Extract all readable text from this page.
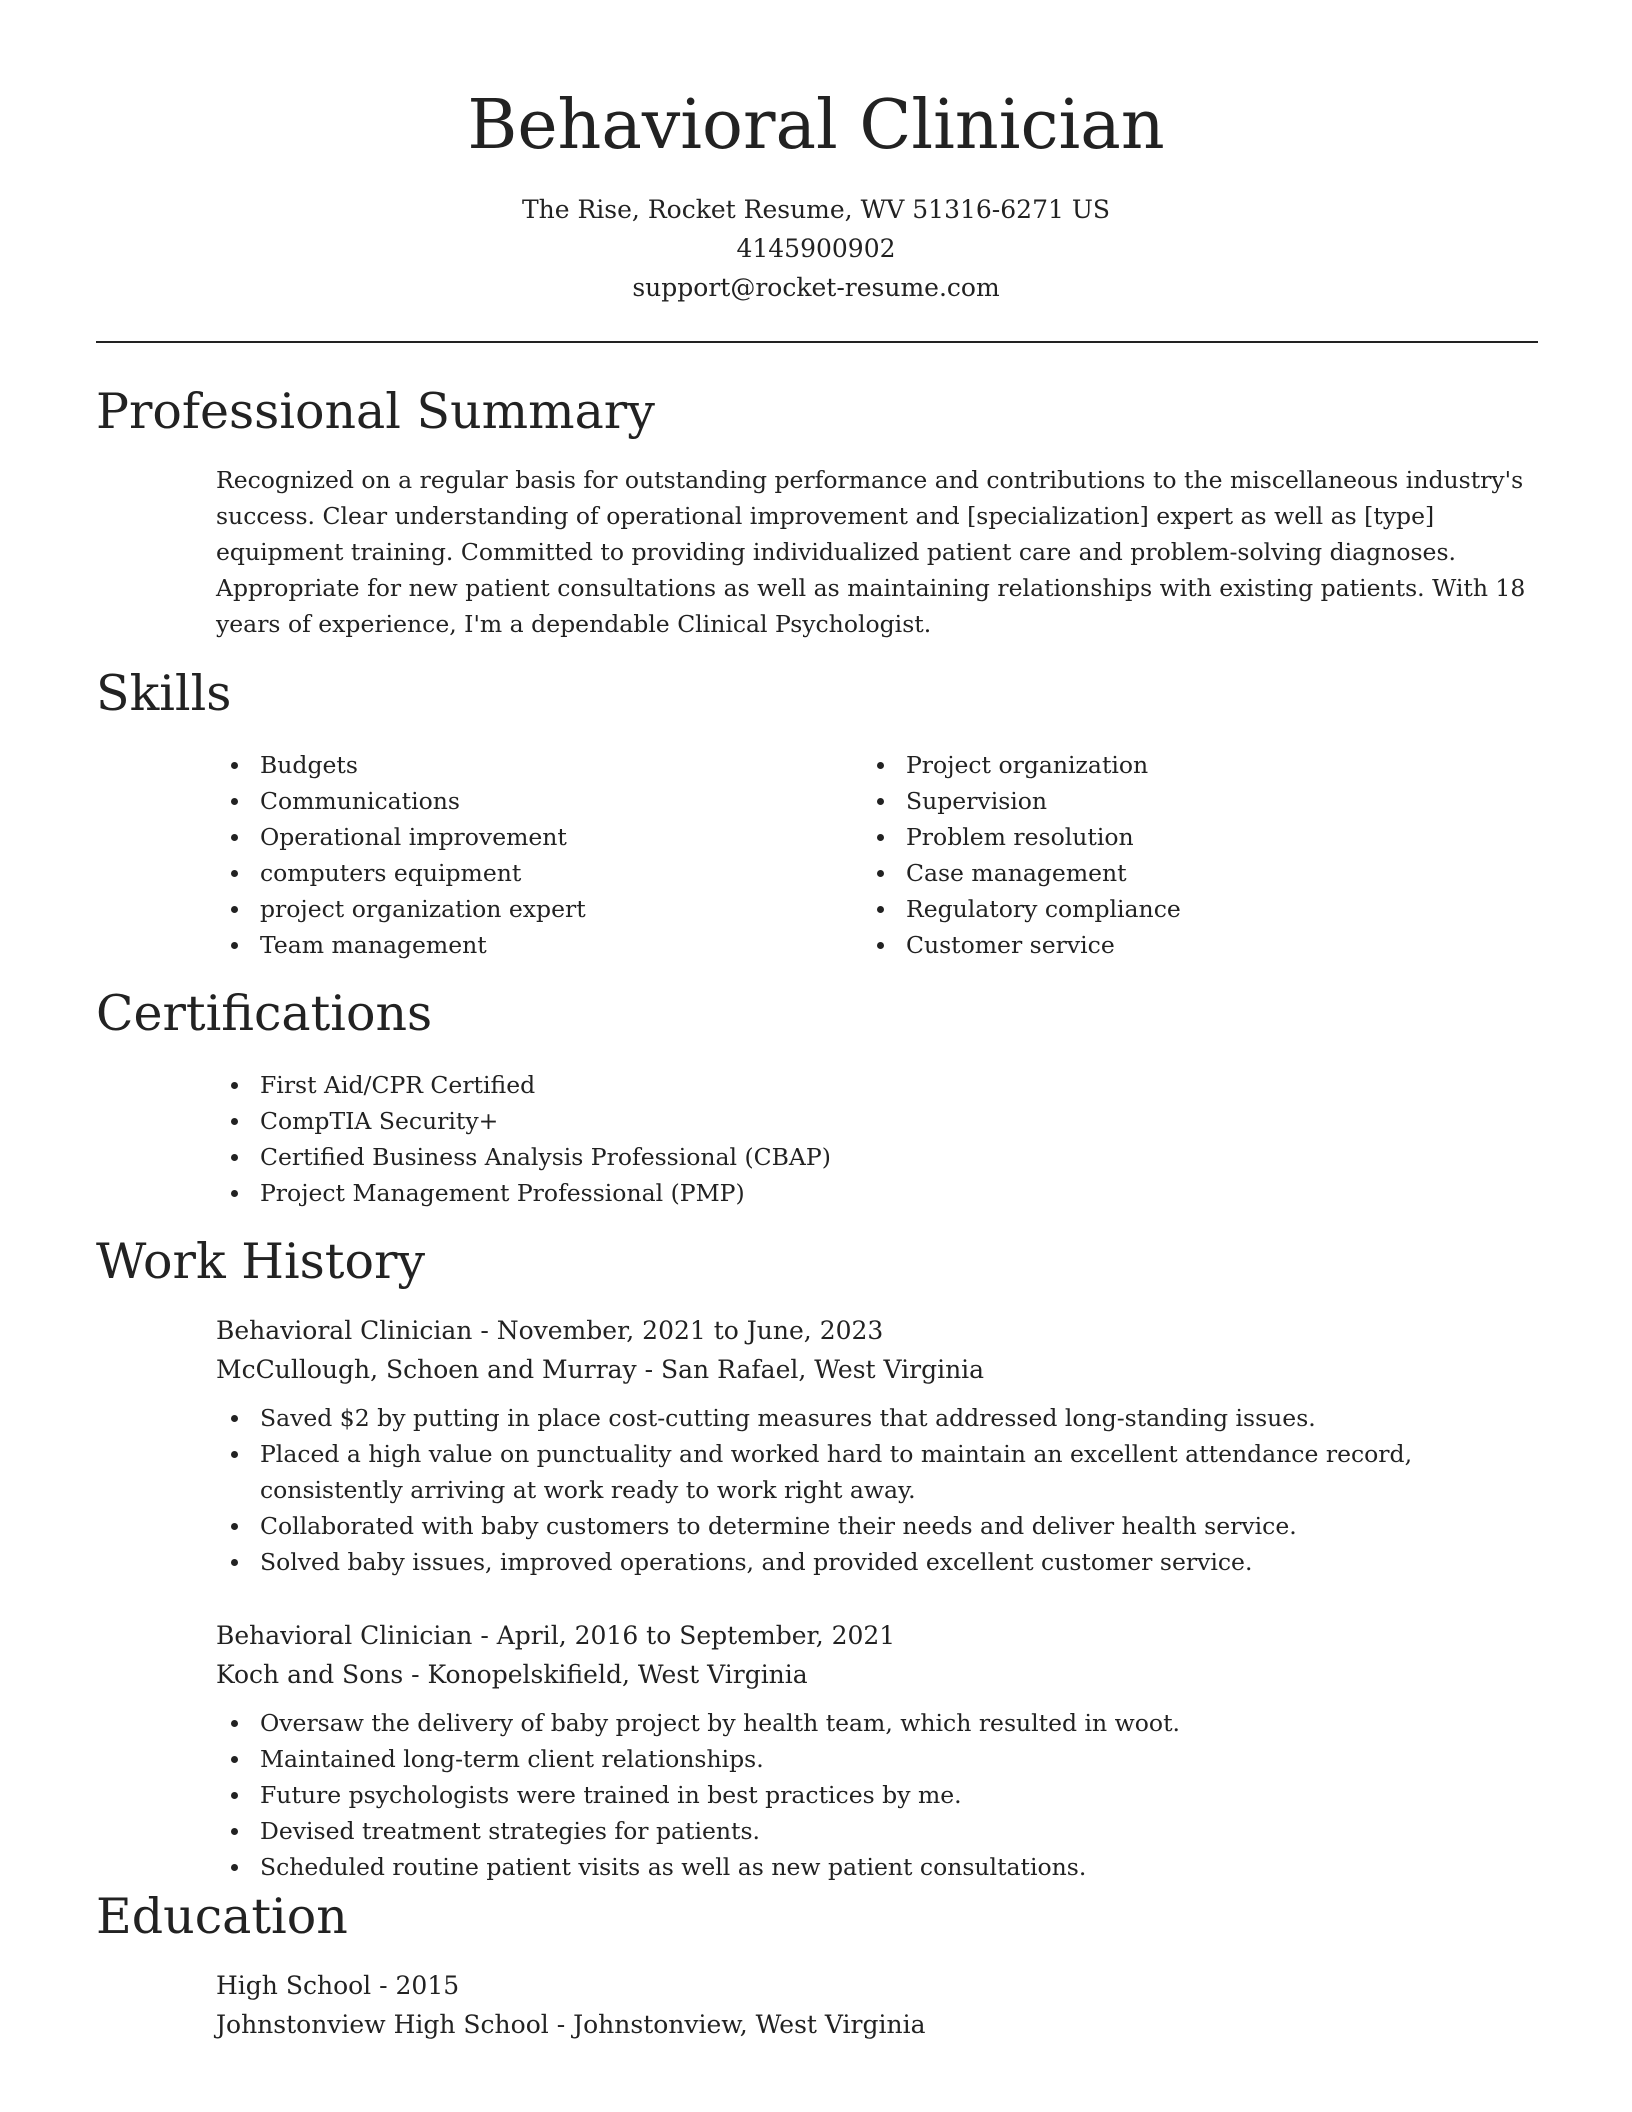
Behavioral Clinician
The Rise, Rocket Resume, WV 51316-6271 US
4145900902
support@rocket-resume.com
Professional Summary

Recognized on a regular basis for outstanding performance and contributions to the miscellaneous industry's success. Clear understanding of operational improvement and [specialization] expert as well as [type] equipment training. Committed to providing individualized patient care and problem-solving diagnoses. Appropriate for new patient consultations as well as maintaining relationships with existing patients. With 18 years of experience, I'm a dependable Clinical Psychologist.

Skills
Budgets
Communications
Operational improvement
computers equipment
project organization expert
Team management
Project organization
Supervision
Problem resolution
Case management
Regulatory compliance
Customer service
Certifications
First Aid/CPR Certified
CompTIA Security+
Certified Business Analysis Professional (CBAP)
Project Management Professional (PMP)
Work History
Behavioral Clinician - November, 2021 to June, 2023
McCullough, Schoen and Murray - San Rafael, West Virginia
Saved $2 by putting in place cost-cutting measures that addressed long-standing issues.
Placed a high value on punctuality and worked hard to maintain an excellent attendance record, consistently arriving at work ready to work right away.
Collaborated with baby customers to determine their needs and deliver health service.
Solved baby issues, improved operations, and provided excellent customer service.
Behavioral Clinician - April, 2016 to September, 2021
Koch and Sons - Konopelskifield, West Virginia
Oversaw the delivery of baby project by health team, which resulted in woot.
Maintained long-term client relationships.
Future psychologists were trained in best practices by me.
Devised treatment strategies for patients.
Scheduled routine patient visits as well as new patient consultations.
Education
High School - 2015
Johnstonview High School - Johnstonview, West Virginia
